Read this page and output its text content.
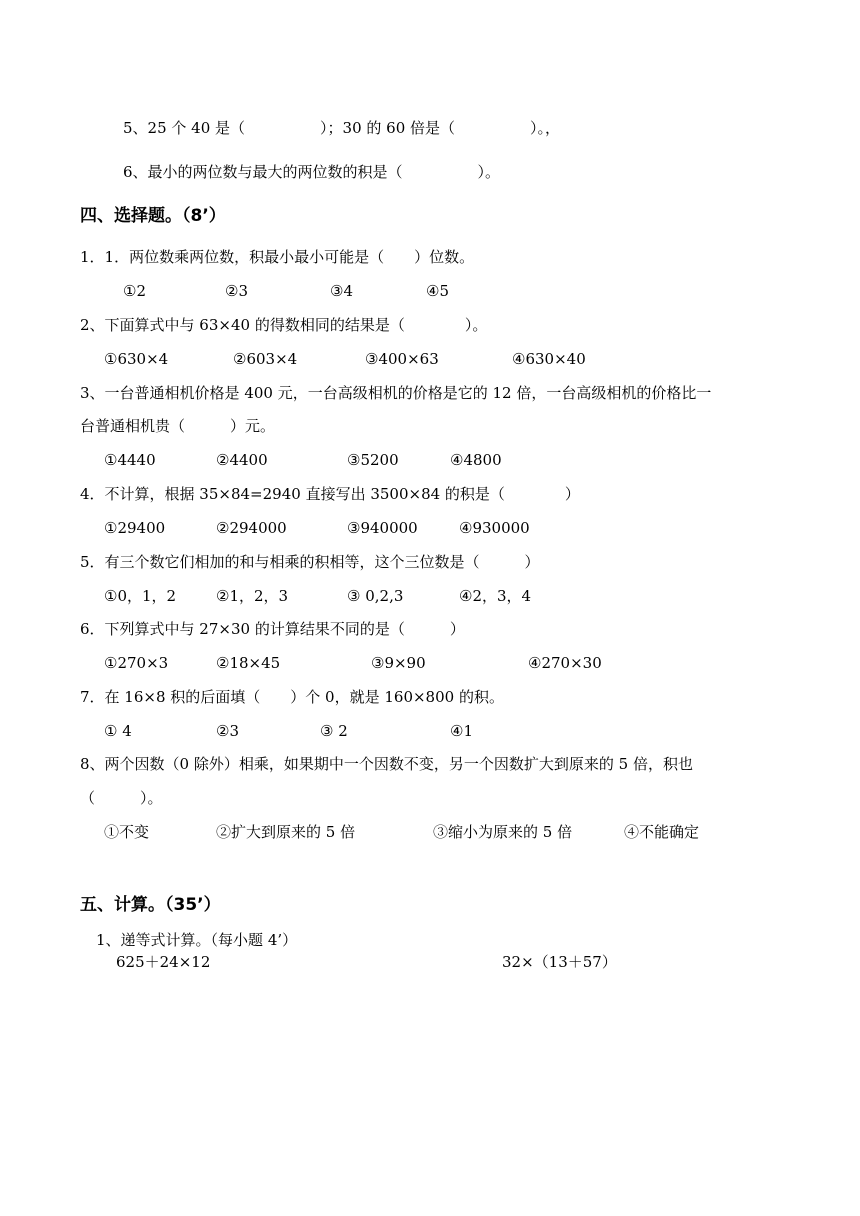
5、25 个 40 是（　　　　　）；30 的 60 倍是（　　　　　）。，
6、最小的两位数与最大的两位数的积是（　　　　　）。
四、选择题。（8’）
1．1．两位数乘两位数，积最小最小可能是（　　）位数。
①2	②3	③4	④5
2、下面算式中与 63×40 的得数相同的结果是（　　　　）。
①630×4	②603×4	③400×63	④630×40
3、一台普通相机价格是 400 元，一台高级相机的价格是它的 12 倍，一台高级相机的价格比一
台普通相机贵（　　　）元。
①4440	②4400	③5200	④4800
4．不计算，根据 35×84=2940 直接写出 3500×84 的积是（　　　　）
①29400	②294000	③940000	④930000
5．有三个数它们相加的和与相乘的积相等，这个三位数是（　　　）
①0，1，2	②1，2，3	③ 0,2,3	④2，3，4
6．下列算式中与 27×30 的计算结果不同的是（　　　）
①270×3	②18×45	③9×90	④270×30
7．在 16×8 积的后面填（　　）个 0，就是 160×800 的积。
① 4	②3	③ 2	④1
8、两个因数（0 除外）相乘，如果期中一个因数不变，另一个因数扩大到原来的 5 倍，积也
（　　　）。
①不变	②扩大到原来的 5 倍	③缩小为原来的 5 倍	④不能确定
五、计算。（35’）
1、递等式计算。（每小题 4’）
625＋24×12	32×（13＋57）
